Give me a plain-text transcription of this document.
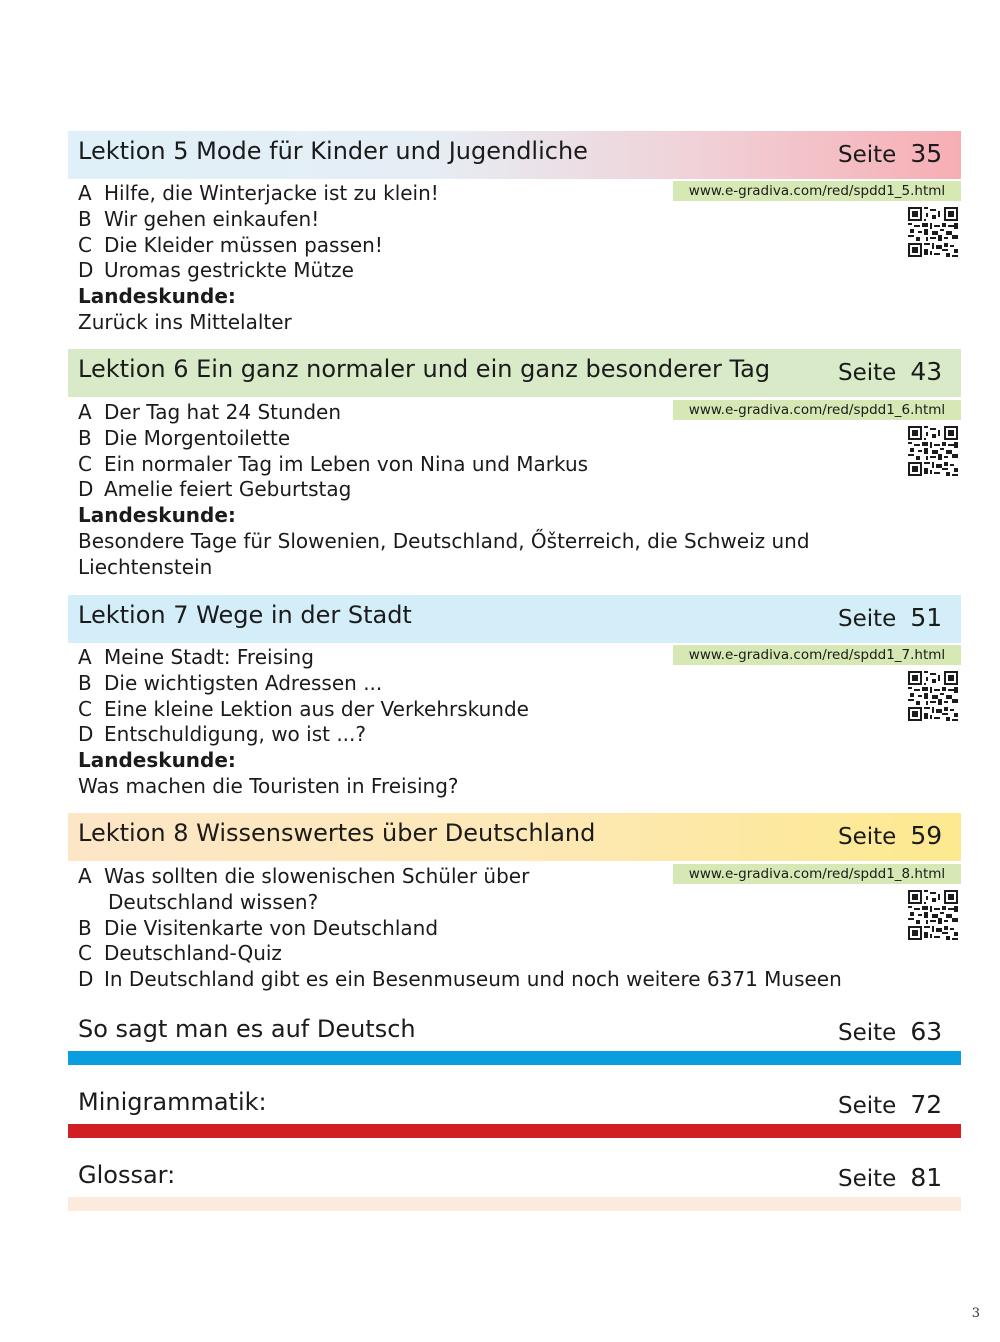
Lektion 5 Mode für Kinder und Jugendliche	Seite 35
www.e-gradiva.com/red/spdd1_5.html
A Hilfe, die Winterjacke ist zu klein!
B Wir gehen einkaufen!
C Die Kleider müssen passen!
D Uromas gestrickte Mütze
Landeskunde:
Zurück ins Mittelalter
Lektion 6 Ein ganz normaler und ein ganz besonderer Tag	Seite 43
www.e-gradiva.com/red/spdd1_6.html
A Der Tag hat 24 Stunden
B Die Morgentoilette
C Ein normaler Tag im Leben von Nina und Markus
D Amelie feiert Geburtstag
Landeskunde:
Besondere Tage für Slowenien, Deutschland, Őšterreich, die Schweiz und Liechtenstein
Lektion 7 Wege in der Stadt	Seite 51
www.e-gradiva.com/red/spdd1_7.html
A Meine Stadt: Freising
B Die wichtigsten Adressen ...
C Eine kleine Lektion aus der Verkehrskunde
D Entschuldigung, wo ist ...?
Landeskunde:
Was machen die Touristen in Freising?
Lektion 8 Wissenswertes über Deutschland	Seite 59
www.e-gradiva.com/red/spdd1_8.html
A Was sollten die slowenischen Schüler über
Deutschland wissen?
B Die Visitenkarte von Deutschland
C Deutschland-Quiz
D In Deutschland gibt es ein Besenmuseum und noch weitere 6371 Museen
So sagt man es auf Deutsch	Seite 63
Minigrammatik:	Seite 72
Glossar:	Seite 81
3
